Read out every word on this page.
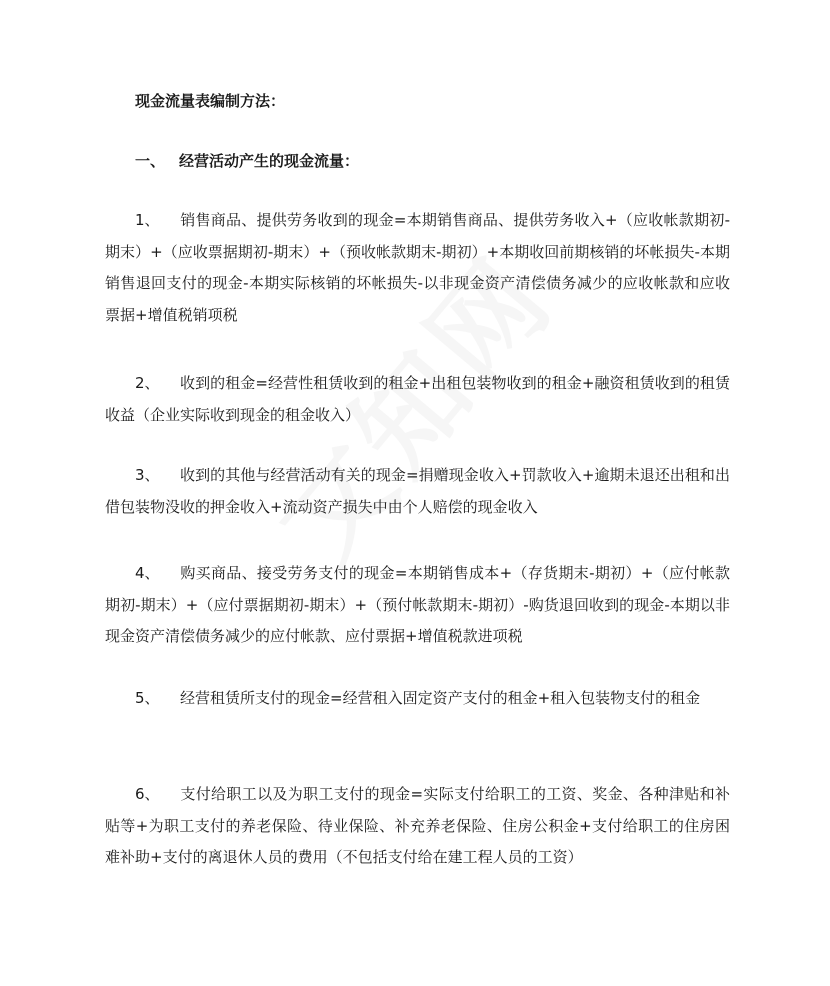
现金流量表编制方法：
一、 经营活动产生的现金流量：
1、 销售商品、提供劳务收到的现金=本期销售商品、提供劳务收入+（应收帐款期初-期末）+（应收票据期初-期末）+（预收帐款期末-期初）+本期收回前期核销的坏帐损失-本期销售退回支付的现金-本期实际核销的坏帐损失-以非现金资产清偿债务减少的应收帐款和应收票据+增值税销项税
2、 收到的租金=经营性租赁收到的租金+出租包装物收到的租金+融资租赁收到的租赁收益（企业实际收到现金的租金收入）
3、 收到的其他与经营活动有关的现金=捐赠现金收入+罚款收入+逾期未退还出租和出借包装物没收的押金收入+流动资产损失中由个人赔偿的现金收入
4、 购买商品、接受劳务支付的现金=本期销售成本+（存货期末-期初）+（应付帐款期初-期末）+（应付票据期初-期末）+（预付帐款期末-期初）-购货退回收到的现金-本期以非现金资产清偿债务减少的应付帐款、应付票据+增值税款进项税
5、 经营租赁所支付的现金=经营租入固定资产支付的租金+租入包装物支付的租金
6、 支付给职工以及为职工支付的现金=实际支付给职工的工资、奖金、各种津贴和补贴等+为职工支付的养老保险、待业保险、补充养老保险、住房公积金+支付给职工的住房困难补助+支付的离退休人员的费用（不包括支付给在建工程人员的工资）
